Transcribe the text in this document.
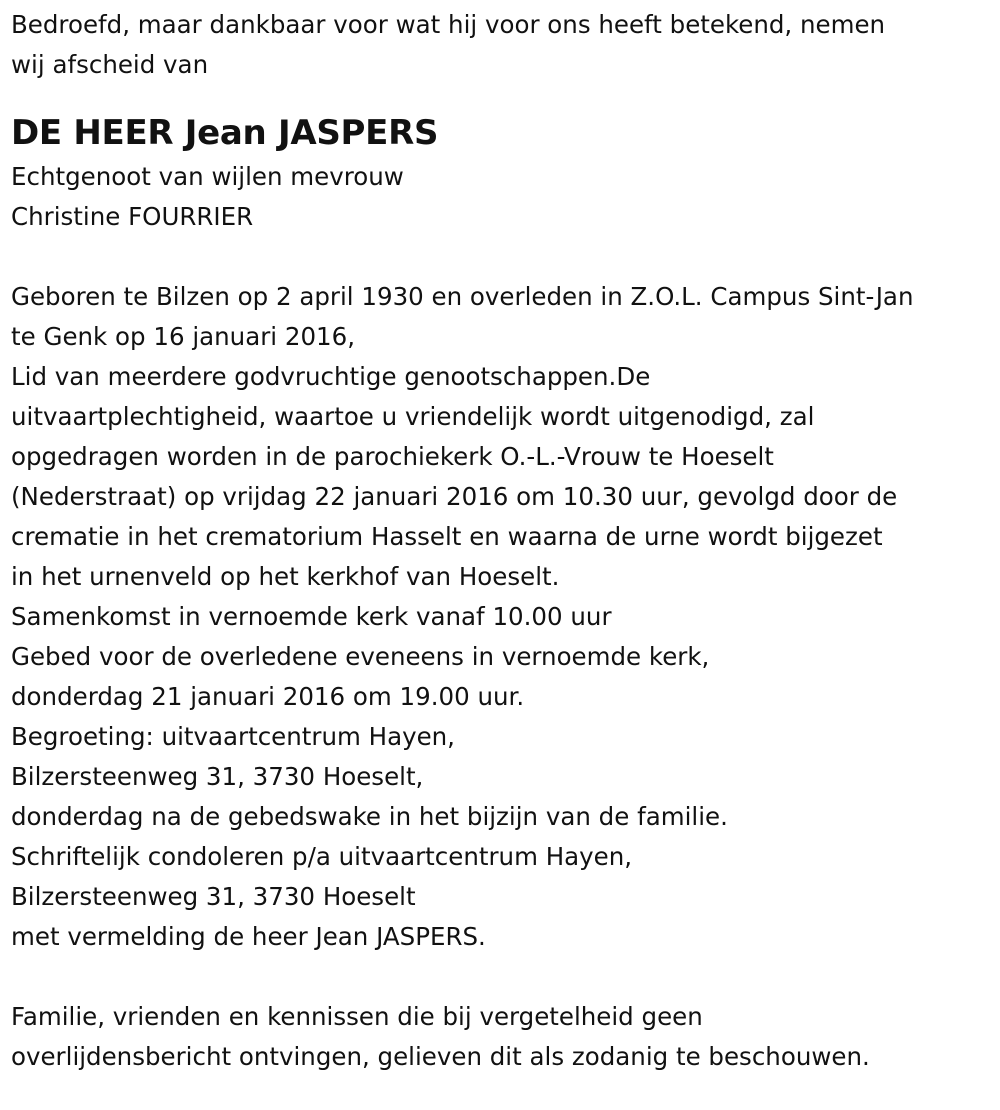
Bedroefd, maar dankbaar voor wat hij voor ons heeft betekend, nemen
wij afscheid van
DE HEER Jean JASPERS
Echtgenoot van wijlen mevrouw
Christine FOURRIER
Geboren te Bilzen op 2 april 1930 en overleden in Z.O.L. Campus Sint-Jan
te Genk op 16 januari 2016,
Lid van meerdere godvruchtige genootschappen.De
uitvaartplechtigheid, waartoe u vriendelijk wordt uitgenodigd, zal
opgedragen worden in de parochiekerk O.-L.-Vrouw te Hoeselt
(Nederstraat) op vrijdag 22 januari 2016 om 10.30 uur, gevolgd door de
crematie in het crematorium Hasselt en waarna de urne wordt bijgezet
in het urnenveld op het kerkhof van Hoeselt.
Samenkomst in vernoemde kerk vanaf 10.00 uur
Gebed voor de overledene eveneens in vernoemde kerk,
donderdag 21 januari 2016 om 19.00 uur.
Begroeting: uitvaartcentrum Hayen,
Bilzersteenweg 31, 3730 Hoeselt,
donderdag na de gebedswake in het bijzijn van de familie.
Schriftelijk condoleren p/a uitvaartcentrum Hayen,
Bilzersteenweg 31, 3730 Hoeselt
met vermelding de heer Jean JASPERS.
Familie, vrienden en kennissen die bij vergetelheid geen
overlijdensbericht ontvingen, gelieven dit als zodanig te beschouwen.
